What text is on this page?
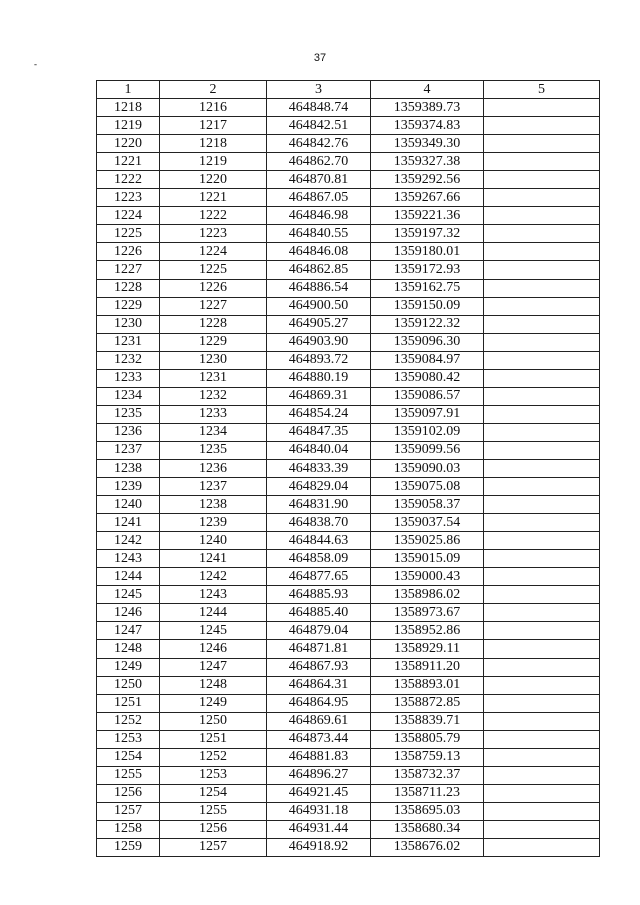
-	37
1	2	3	4	5
1218	1216	464848.74	1359389.73	
1219	1217	464842.51	1359374.83	
1220	1218	464842.76	1359349.30	
1221	1219	464862.70	1359327.38	
1222	1220	464870.81	1359292.56	
1223	1221	464867.05	1359267.66	
1224	1222	464846.98	1359221.36	
1225	1223	464840.55	1359197.32	
1226	1224	464846.08	1359180.01	
1227	1225	464862.85	1359172.93	
1228	1226	464886.54	1359162.75	
1229	1227	464900.50	1359150.09	
1230	1228	464905.27	1359122.32	
1231	1229	464903.90	1359096.30	
1232	1230	464893.72	1359084.97	
1233	1231	464880.19	1359080.42	
1234	1232	464869.31	1359086.57	
1235	1233	464854.24	1359097.91	
1236	1234	464847.35	1359102.09	
1237	1235	464840.04	1359099.56	
1238	1236	464833.39	1359090.03	
1239	1237	464829.04	1359075.08	
1240	1238	464831.90	1359058.37	
1241	1239	464838.70	1359037.54	
1242	1240	464844.63	1359025.86	
1243	1241	464858.09	1359015.09	
1244	1242	464877.65	1359000.43	
1245	1243	464885.93	1358986.02	
1246	1244	464885.40	1358973.67	
1247	1245	464879.04	1358952.86	
1248	1246	464871.81	1358929.11	
1249	1247	464867.93	1358911.20	
1250	1248	464864.31	1358893.01	
1251	1249	464864.95	1358872.85	
1252	1250	464869.61	1358839.71	
1253	1251	464873.44	1358805.79	
1254	1252	464881.83	1358759.13	
1255	1253	464896.27	1358732.37	
1256	1254	464921.45	1358711.23	
1257	1255	464931.18	1358695.03	
1258	1256	464931.44	1358680.34	
1259	1257	464918.92	1358676.02	
